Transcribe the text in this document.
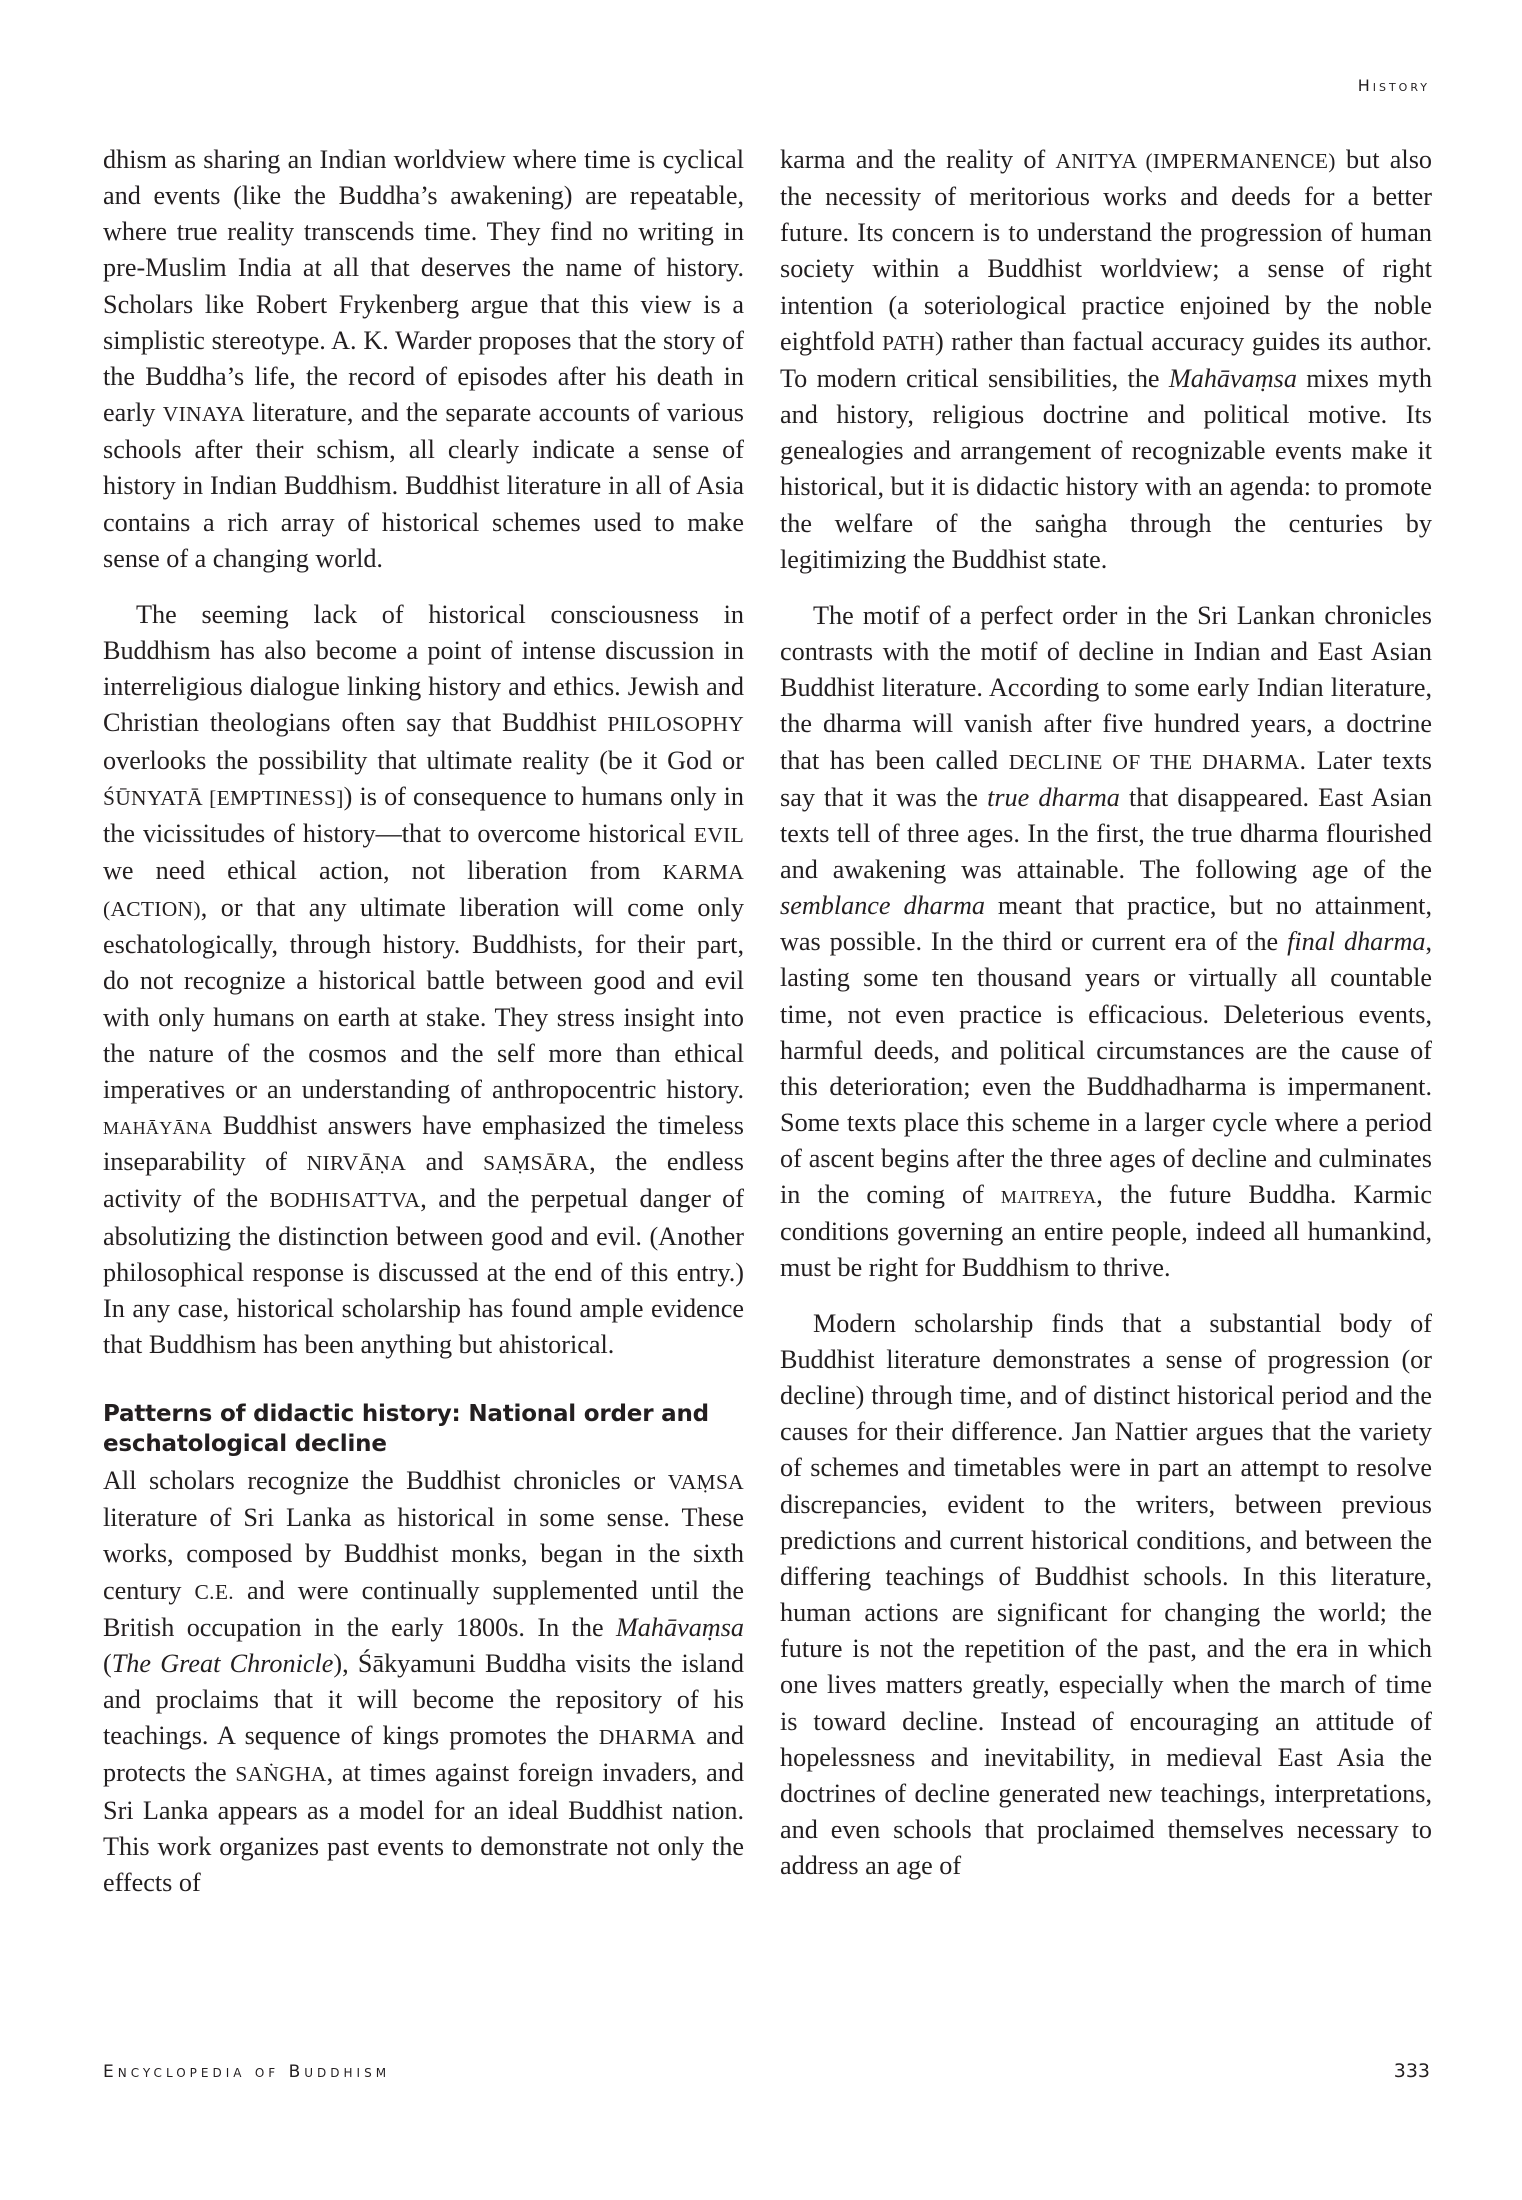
History

dhism as sharing an Indian worldview where time is cyclical and events (like the Buddha’s awakening) are repeatable, where true reality transcends time. They find no writing in pre-Muslim India at all that deserves the name of history. Scholars like Robert Frykenberg argue that this view is a simplistic stereotype. A. K. Warder proposes that the story of the Buddha’s life, the record of episodes after his death in early VINAYA literature, and the separate accounts of various schools after their schism, all clearly indicate a sense of history in Indian Buddhism. Buddhist literature in all of Asia contains a rich array of historical schemes used to make sense of a changing world.

The seeming lack of historical consciousness in Buddhism has also become a point of intense discussion in interreligious dialogue linking history and ethics. Jewish and Christian theologians often say that Buddhist PHILOSOPHY overlooks the possibility that ultimate reality (be it God or ŚŪNYATĀ [EMPTINESS]) is of consequence to humans only in the vicissitudes of history—that to overcome historical EVIL we need ethical action, not liberation from KARMA (ACTION), or that any ultimate liberation will come only eschatologically, through history. Buddhists, for their part, do not recognize a historical battle between good and evil with only humans on earth at stake. They stress insight into the nature of the cosmos and the self more than ethical imperatives or an understanding of anthropocentric history. mahāyāna Buddhist answers have emphasized the timeless inseparability of NIRVĀṆA and SAṂSĀRA, the endless activity of the BODHISATTVA, and the perpetual danger of absolutizing the distinction between good and evil. (Another philosophical response is discussed at the end of this entry.) In any case, historical scholarship has found ample evidence that Buddhism has been anything but ahistorical.

Patterns of didactic history: National order and eschatological decline

All scholars recognize the Buddhist chronicles or VAṂSA literature of Sri Lanka as historical in some sense. These works, composed by Buddhist monks, began in the sixth century C.E. and were continually supplemented until the British occupation in the early 1800s. In the Mahāvaṃsa (The Great Chronicle), Śākyamuni Buddha visits the island and proclaims that it will become the repository of his teachings. A sequence of kings promotes the DHARMA and protects the SAṄGHA, at times against foreign invaders, and Sri Lanka appears as a model for an ideal Buddhist nation. This work organizes past events to demonstrate not only the effects of

karma and the reality of ANITYA (IMPERMANENCE) but also the necessity of meritorious works and deeds for a better future. Its concern is to understand the progression of human society within a Buddhist worldview; a sense of right intention (a soteriological practice enjoined by the noble eightfold PATH) rather than factual accuracy guides its author. To modern critical sensibilities, the Mahāvaṃsa mixes myth and history, religious doctrine and political motive. Its genealogies and arrangement of recognizable events make it historical, but it is didactic history with an agenda: to promote the welfare of the saṅgha through the centuries by legitimizing the Buddhist state.

The motif of a perfect order in the Sri Lankan chronicles contrasts with the motif of decline in Indian and East Asian Buddhist literature. According to some early Indian literature, the dharma will vanish after five hundred years, a doctrine that has been called DECLINE OF THE DHARMA. Later texts say that it was the true dharma that disappeared. East Asian texts tell of three ages. In the first, the true dharma flourished and awakening was attainable. The following age of the semblance dharma meant that practice, but no attainment, was possible. In the third or current era of the final dharma, lasting some ten thousand years or virtually all countable time, not even practice is efficacious. Deleterious events, harmful deeds, and political circumstances are the cause of this deterioration; even the Buddhadharma is impermanent. Some texts place this scheme in a larger cycle where a period of ascent begins after the three ages of decline and culminates in the coming of maitreya, the future Buddha. Karmic conditions governing an entire people, indeed all humankind, must be right for Buddhism to thrive.

Modern scholarship finds that a substantial body of Buddhist literature demonstrates a sense of progression (or decline) through time, and of distinct historical period and the causes for their difference. Jan Nattier argues that the variety of schemes and timetables were in part an attempt to resolve discrepancies, evident to the writers, between previous predictions and current historical conditions, and between the differing teachings of Buddhist schools. In this literature, human actions are significant for changing the world; the future is not the repetition of the past, and the era in which one lives matters greatly, especially when the march of time is toward decline. Instead of encouraging an attitude of hopelessness and inevitability, in medieval East Asia the doctrines of decline generated new teachings, interpretations, and even schools that proclaimed themselves necessary to address an age of

Encyclopedia of Buddhism	333
